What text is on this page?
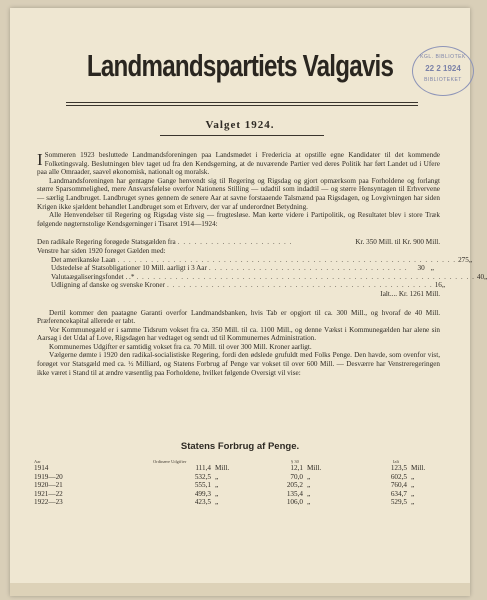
KGL. BIBLIOTEK
22 2 1924
BIBLIOTEKET
Landmandspartiets Valgavis
Valget 1924.

I Sommeren 1923 besluttede Landmandsforeningen paa Landsmødet i Fredericia at opstille egne Kandidater til det kommende Folketingsvalg. Beslutningen blev taget ud fra den Kendsgerning, at de nuværende Partier ved deres Politik har ført Landet ud i Ufere paa alle Omraader, saavel økonomisk, nationalt og moralsk.

Landmandsforeningen har gentagne Gange henvendt sig til Regering og Rigsdag og gjort opmærksom paa Forholdene og forlangt større Sparsommelighed, mere Ansvarsfølelse overfor Nationens Stilling — udadtil som indadtil — og større Hensyntagen til Erhvervene — særlig Landbruget. Landbruget synes gennem de senere Aar at savne forstaaende Talsmænd paa Rigsdagen, og Lovgivningen har siden Krigen ikke sjældent behandlet Landbruget som et Erhverv, der var af underordnet Betydning.

Alle Henvendelser til Regering og Rigsdag viste sig — frugtesløse. Man kørte videre i Partipolitik, og Resultatet blev i store Træk følgende nøgternstolige Kendsgerninger i Tisaret 1914—1924:

Den radikale Regering forøgede Statsgælden fra . . . . . . . . . . . . . . . . . . . . .	Kr. 350 Mill. til Kr. 900 Mill.
Venstre har siden 1920 forøget Gælden med:
Det amerikanske Laan . . . . . . . . . . . . . . . . . . . . . . . . . . . . . . . . . . . . . . . . . . . . . . . . . . . . . . . . . . . . . 275 „
Udstedelse af Statsobligationer 10 Mill. aarligt i 3 Aar . . . . . . . . . . . . . . . . . . . . . . . . . . . . . . . . . . . .	30 „
Valutaægaliseringsfondet . .* . . . . . . . . . . . . . . . . . . . . . . . . . . . . . . . . . . . . . . . . . . . . . . . . . . . . . . . . . . . . . 40 „
Udligning af danske og svenske Kroner . . . . . . . . . . . . . . . . . . . . . . . . . . . . . . . . . . . . . . . . . . . . . . . . 16 „
Ialt.... Kr. 1261 Mill.

Dertil kommer den paatagne Garanti overfor Landmandsbanken, hvis Tab er opgjort til ca. 300 Mill., og hvoraf de 40 Mill. Præferencekapital allerede er tabt.

Vor Kommunegæld er i samme Tidsrum vokset fra ca. 350 Mill. til ca. 1100 Mill., og denne Vækst i Kommunegælden har alene sin Aarsag i det Udal af Love, Rigsdagen har vedtaget og sendt ud til Kommunernes Administration.

Kommunernes Udgifter er samtidig vokset fra ca. 70 Mill. til over 300 Mill. Kroner aarligt.

Vælgerne dømte i 1920 den radikal-socialistiske Regering, fordi den ødslede grufuldt med Folks Penge. Den havde, som ovenfor vist, forøget vor Statsgæld med ca. ½ Milliard, og Statens Forbrug af Penge var vokset til over 600 Mill. — Desværre har Venstreregeringen ikke været i Stand til at ændre væsentlig paa Forholdene, hvilket følgende Oversigt vil vise:

Statens Forbrug af Penge.
Aar	Ordinære Udgifter	§ 30	Ialt
1914	111,4 Mill.	12,1 Mill.	123,5 Mill.
1919—20	532,5 „	70,0 „	602,5 „
1920—21	555,1 „	205,2 „	760,4 „
1921—22	499,3 „	135,4 „	634,7 „
1922—23	423,5 „	106,0 „	529,5 „
